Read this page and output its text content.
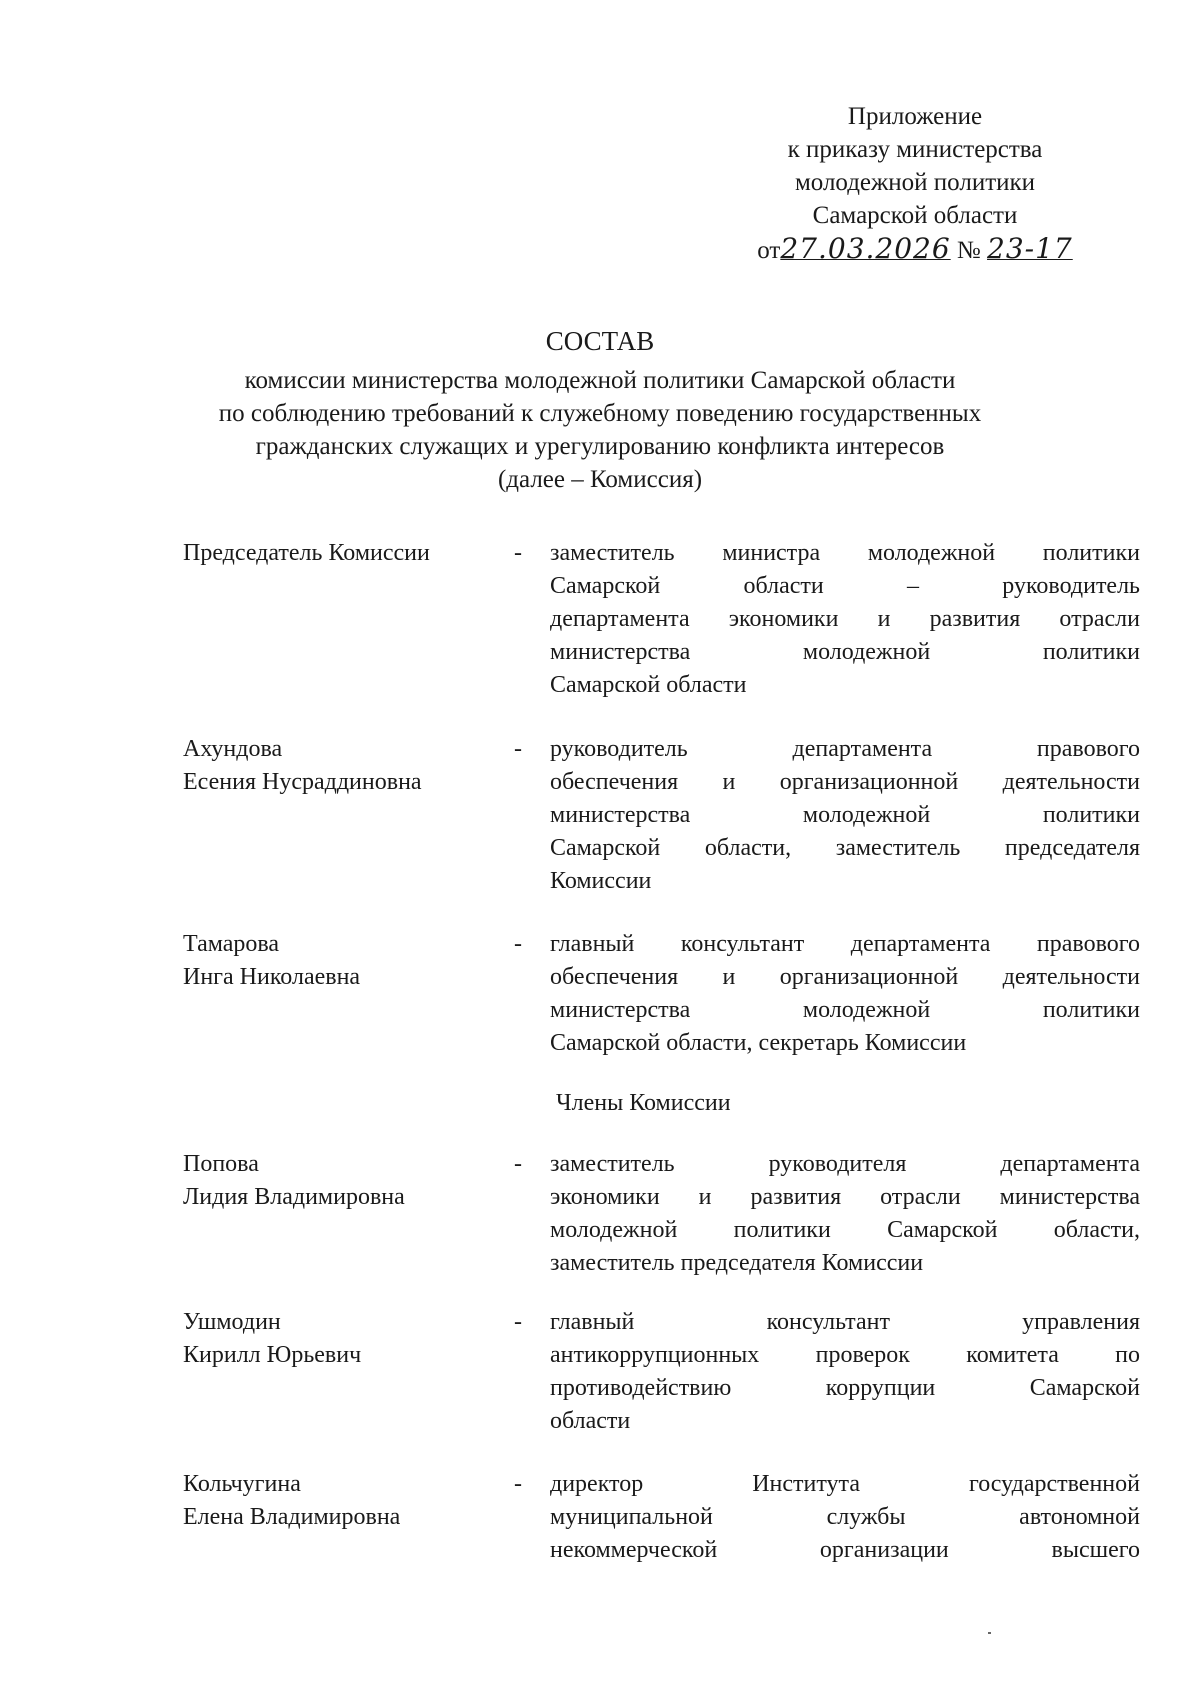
Приложение
к приказу министерства
молодежной политики
Самарской области
от27.03.2026 № 23-17
СОСТАВ
комиссии министерства молодежной политики Самарской области
по соблюдению требований к служебному поведению государственных
гражданских служащих и урегулированию конфликта интересов
(далее – Комиссия)
Председатель Комиссии	- заместитель министра молодежной политики
Самарской области – руководитель
департамента экономики и развития отрасли
министерства молодежной политики
Самарской области
Ахундова
Есения Нусраддиновна
- руководитель департамента правового
обеспечения и организационной деятельности
министерства молодежной политики
Самарской области, заместитель председателя
Комиссии
Тамарова
Инга Николаевна
- главный консультант департамента правового
обеспечения и организационной деятельности
министерства молодежной политики
Самарской области, секретарь Комиссии
Члены Комиссии
Попова
Лидия Владимировна
- заместитель руководителя департамента
экономики и развития отрасли министерства
молодежной политики Самарской области,
заместитель председателя Комиссии
Ушмодин
Кирилл Юрьевич
- главный консультант управления
антикоррупционных проверок комитета по
противодействию коррупции Самарской
области
Кольчугина
Елена Владимировна
- директор Института государственной
муниципальной службы автономной
некоммерческой организации высшего
